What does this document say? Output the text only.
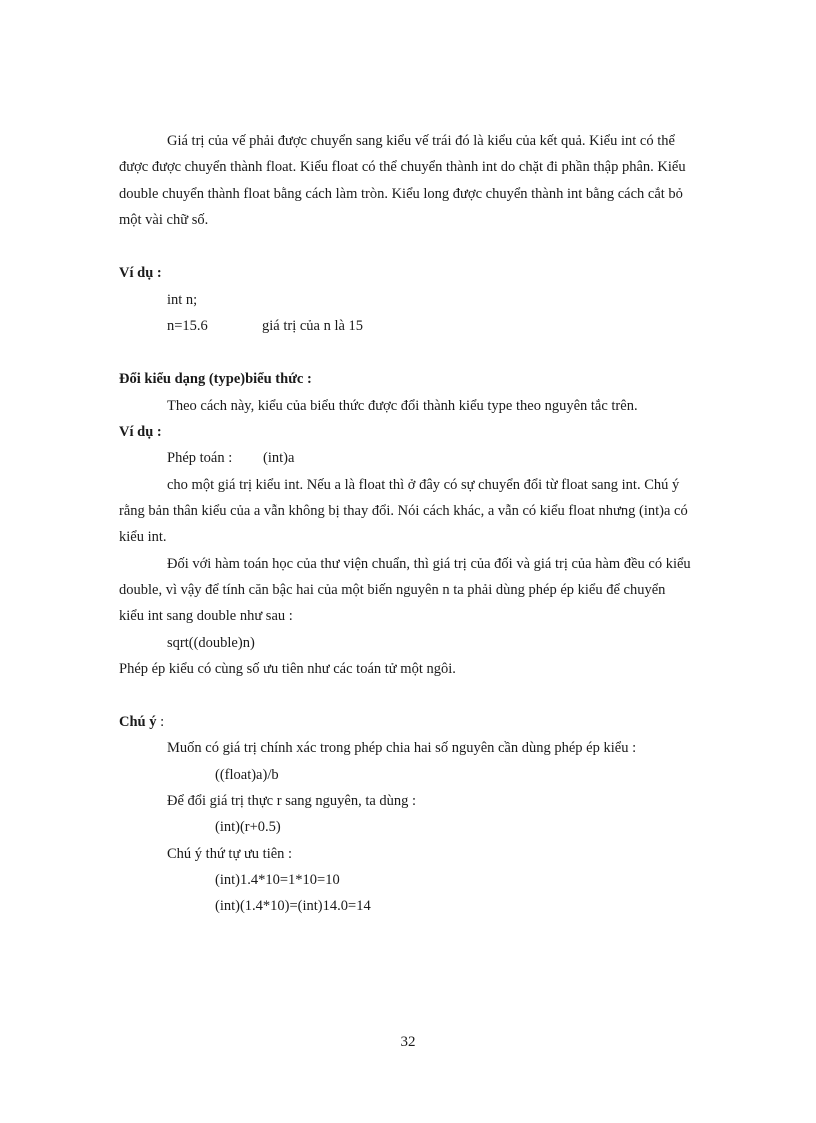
Giá trị của vế phải được chuyển sang kiểu vế trái đó là kiểu của kết quả. Kiểu int có thể
được được chuyển thành float. Kiểu float có thể chuyển thành int do chặt đi phần thập phân. Kiểu
double chuyển thành float bằng cách làm tròn. Kiểu long được chuyển thành int bằng cách cắt bỏ
một vài chữ số.
Ví dụ :
int n;
n=15.6	giá trị của n là 15
Đổi kiểu dạng (type)biểu thức :
Theo cách này, kiểu của biểu thức được đổi thành kiểu type theo nguyên tắc trên.
Ví dụ :
Phép toán : (int)a
cho một giá trị kiểu int. Nếu a là float thì ở đây có sự chuyển đổi từ float sang int. Chú ý
rằng bản thân kiểu của a vẫn không bị thay đổi. Nói cách khác, a vẫn có kiểu float nhưng (int)a có
kiểu int.
Đối với hàm toán học của thư viện chuẩn, thì giá trị của đối và giá trị của hàm đều có kiểu
double, vì vậy để tính căn bậc hai của một biến nguyên n ta phải dùng phép ép kiểu để chuyển
kiểu int sang double như sau :
sqrt((double)n)
Phép ép kiểu có cùng số ưu tiên như các toán tử một ngôi.
Chú ý :
Muốn có giá trị chính xác trong phép chia hai số nguyên cần dùng phép ép kiểu :
((float)a)/b
Để đổi giá trị thực r sang nguyên, ta dùng :
(int)(r+0.5)
Chú ý thứ tự ưu tiên :
(int)1.4*10=1*10=10
(int)(1.4*10)=(int)14.0=14
32
